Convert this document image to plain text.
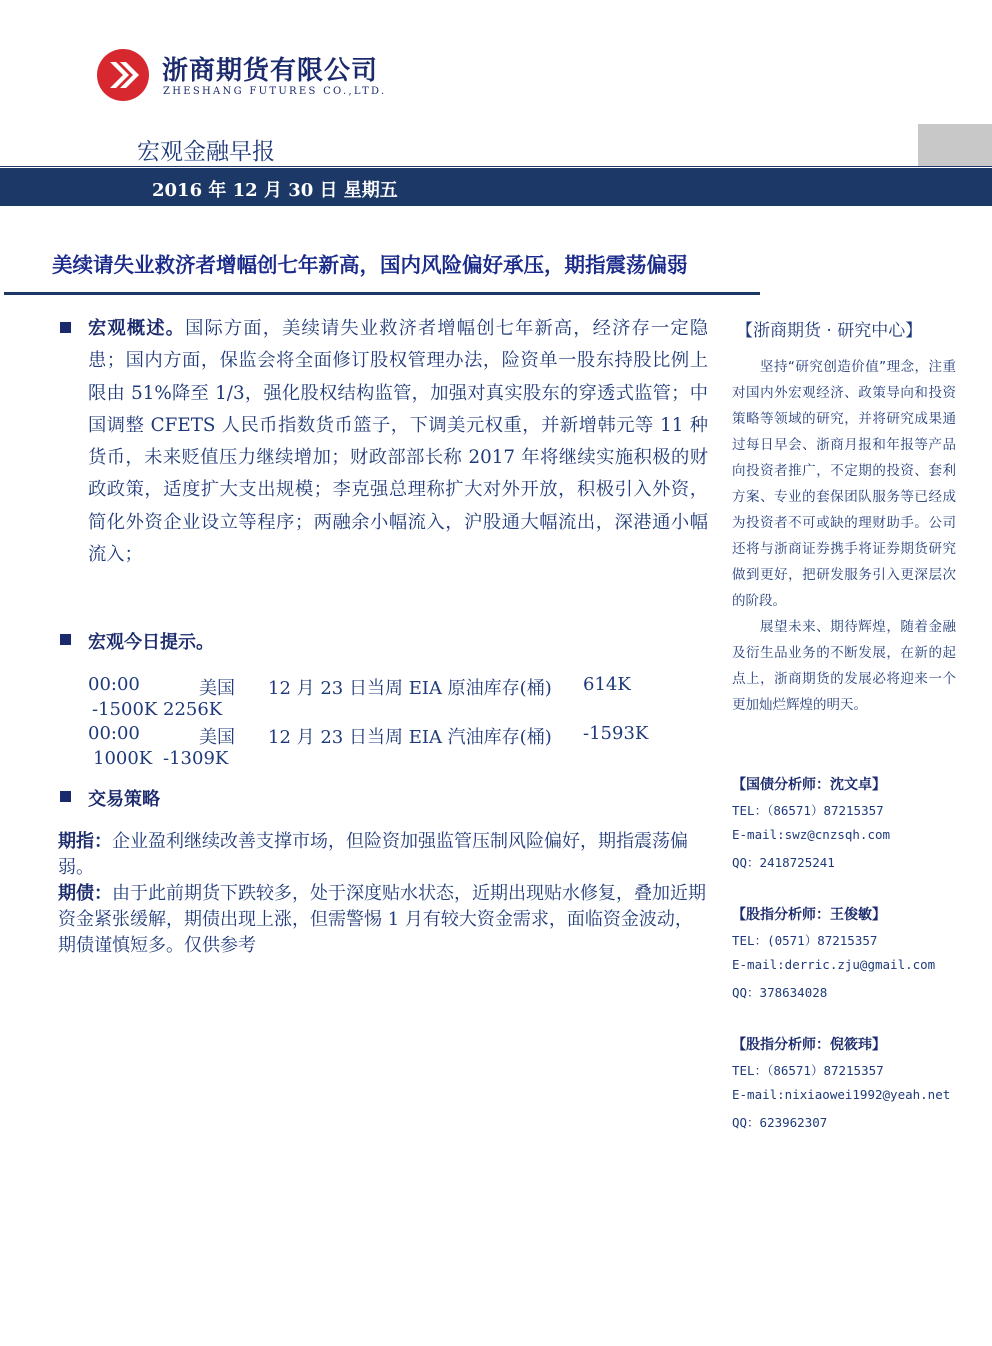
浙商期货有限公司
ZHESHANG FUTURES CO.,LTD.
宏观金融早报
2016 年 12 月 30 日 星期五
美续请失业救济者增幅创七年新高，国内风险偏好承压，期指震荡偏弱
宏观概述。国际方面，美续请失业救济者增幅创七年新高，经济存一定隐患；国内方面，保监会将全面修订股权管理办法，险资单一股东持股比例上限由 51%降至 1/3，强化股权结构监管，加强对真实股东的穿透式监管；中国调整 CFETS 人民币指数货币篮子，下调美元权重，并新增韩元等 11 种货币，未来贬值压力继续增加；财政部部长称 2017 年将继续实施积极的财政政策，适度扩大支出规模；李克强总理称扩大对外开放，积极引入外资，简化外资企业设立等程序；两融余小幅流入，沪股通大幅流出，深港通小幅流入；
宏观今日提示。
00:00	美国 12 月 23 日当周 EIA 原油库存(桶) 614K
-1500K 2256K
00:00	美国 12 月 23 日当周 EIA 汽油库存(桶) -1593K
1000K -1309K
交易策略
期指：企业盈利继续改善支撑市场，但险资加强监管压制风险偏好，期指震荡偏弱。
期债：由于此前期货下跌较多，处于深度贴水状态，近期出现贴水修复，叠加近期资金紧张缓解，期债出现上涨，但需警惕 1 月有较大资金需求，面临资金波动，期债谨慎短多。仅供参考
【浙商期货 · 研究中心】
坚持“研究创造价值”理念，注重对国内外宏观经济、政策导向和投资策略等领域的研究，并将研究成果通过每日早会、浙商月报和年报等产品向投资者推广，不定期的投资、套利方案、专业的套保团队服务等已经成为投资者不可或缺的理财助手。公司还将与浙商证券携手将证券期货研究做到更好，把研发服务引入更深层次的阶段。
展望未来、期待辉煌，随着金融及衍生品业务的不断发展，在新的起点上，浙商期货的发展必将迎来一个更加灿烂辉煌的明天。
【国债分析师：沈文卓】
TEL：（86571）87215357
E-mail:swz@cnzsqh.com
QQ：2418725241
【股指分析师：王俊敏】
TEL：(0571）87215357
E-mail:derric.zju@gmail.com
QQ：378634028
【股指分析师：倪筱玮】
TEL：（86571）87215357
E-mail:nixiaowei1992@yeah.net
QQ：623962307
